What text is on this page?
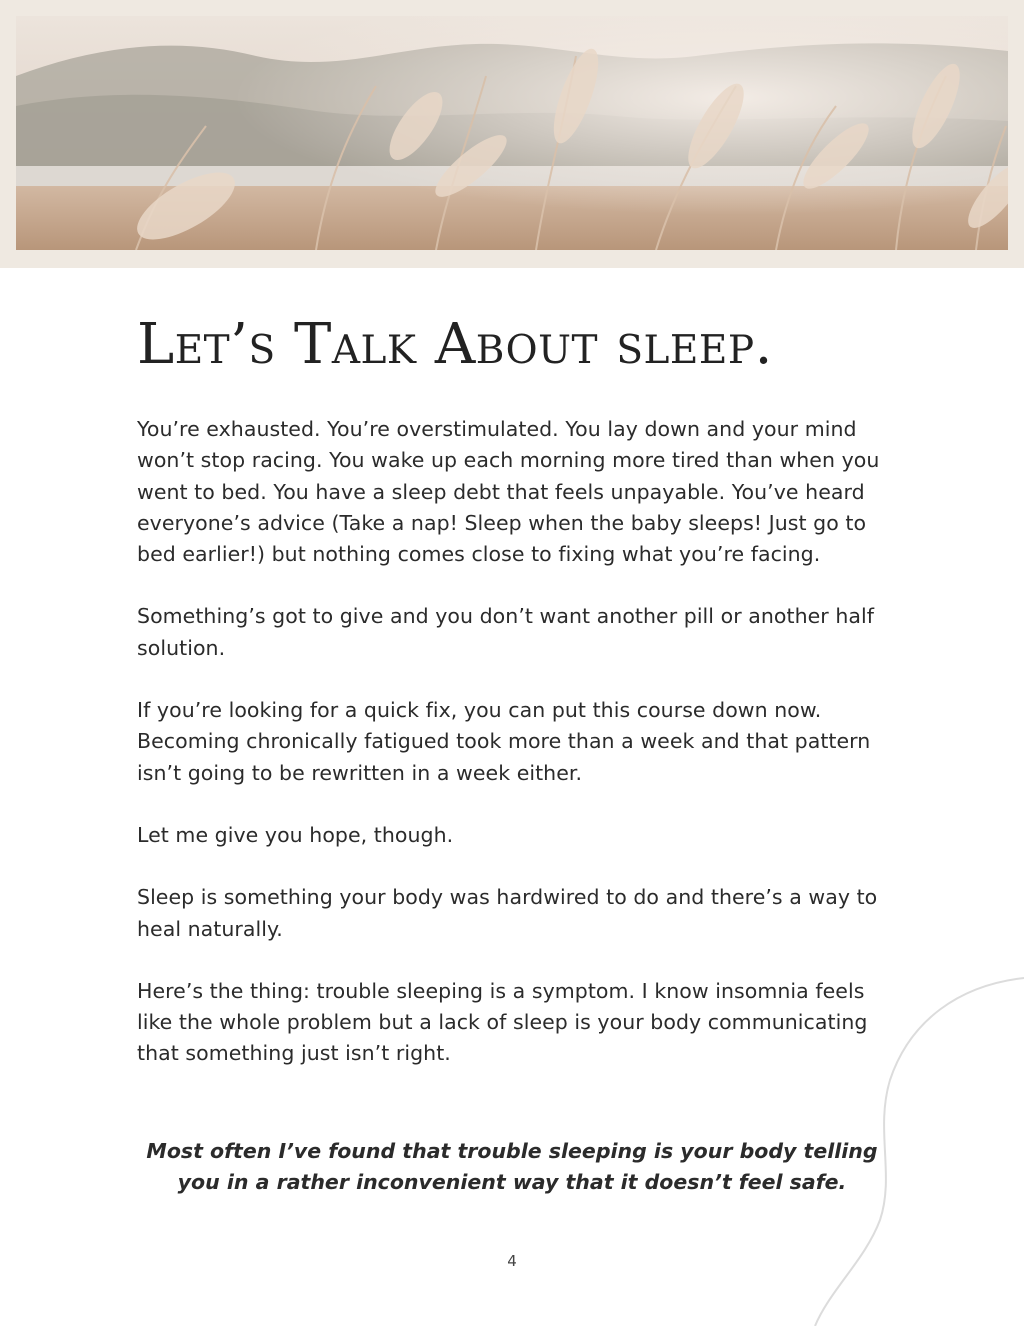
Let’s Talk About sleep.

You’re exhausted. You’re overstimulated. You lay down and your mind won’t stop racing. You wake up each morning more tired than when you went to bed. You have a sleep debt that feels unpayable. You’ve heard everyone’s advice (Take a nap! Sleep when the baby sleeps! Just go to bed earlier!) but nothing comes close to fixing what you’re facing.

Something’s got to give and you don’t want another pill or another half solution.

If you’re looking for a quick fix, you can put this course down now. Becoming chronically fatigued took more than a week and that pattern isn’t going to be rewritten in a week either.

Let me give you hope, though.

Sleep is something your body was hardwired to do and there’s a way to heal naturally.

Here’s the thing: trouble sleeping is a symptom. I know insomnia feels like the whole problem but a lack of sleep is your body communicating that something just isn’t right.

Most often I’ve found that trouble sleeping is your body telling you in a rather inconvenient way that it doesn’t feel safe.

4
